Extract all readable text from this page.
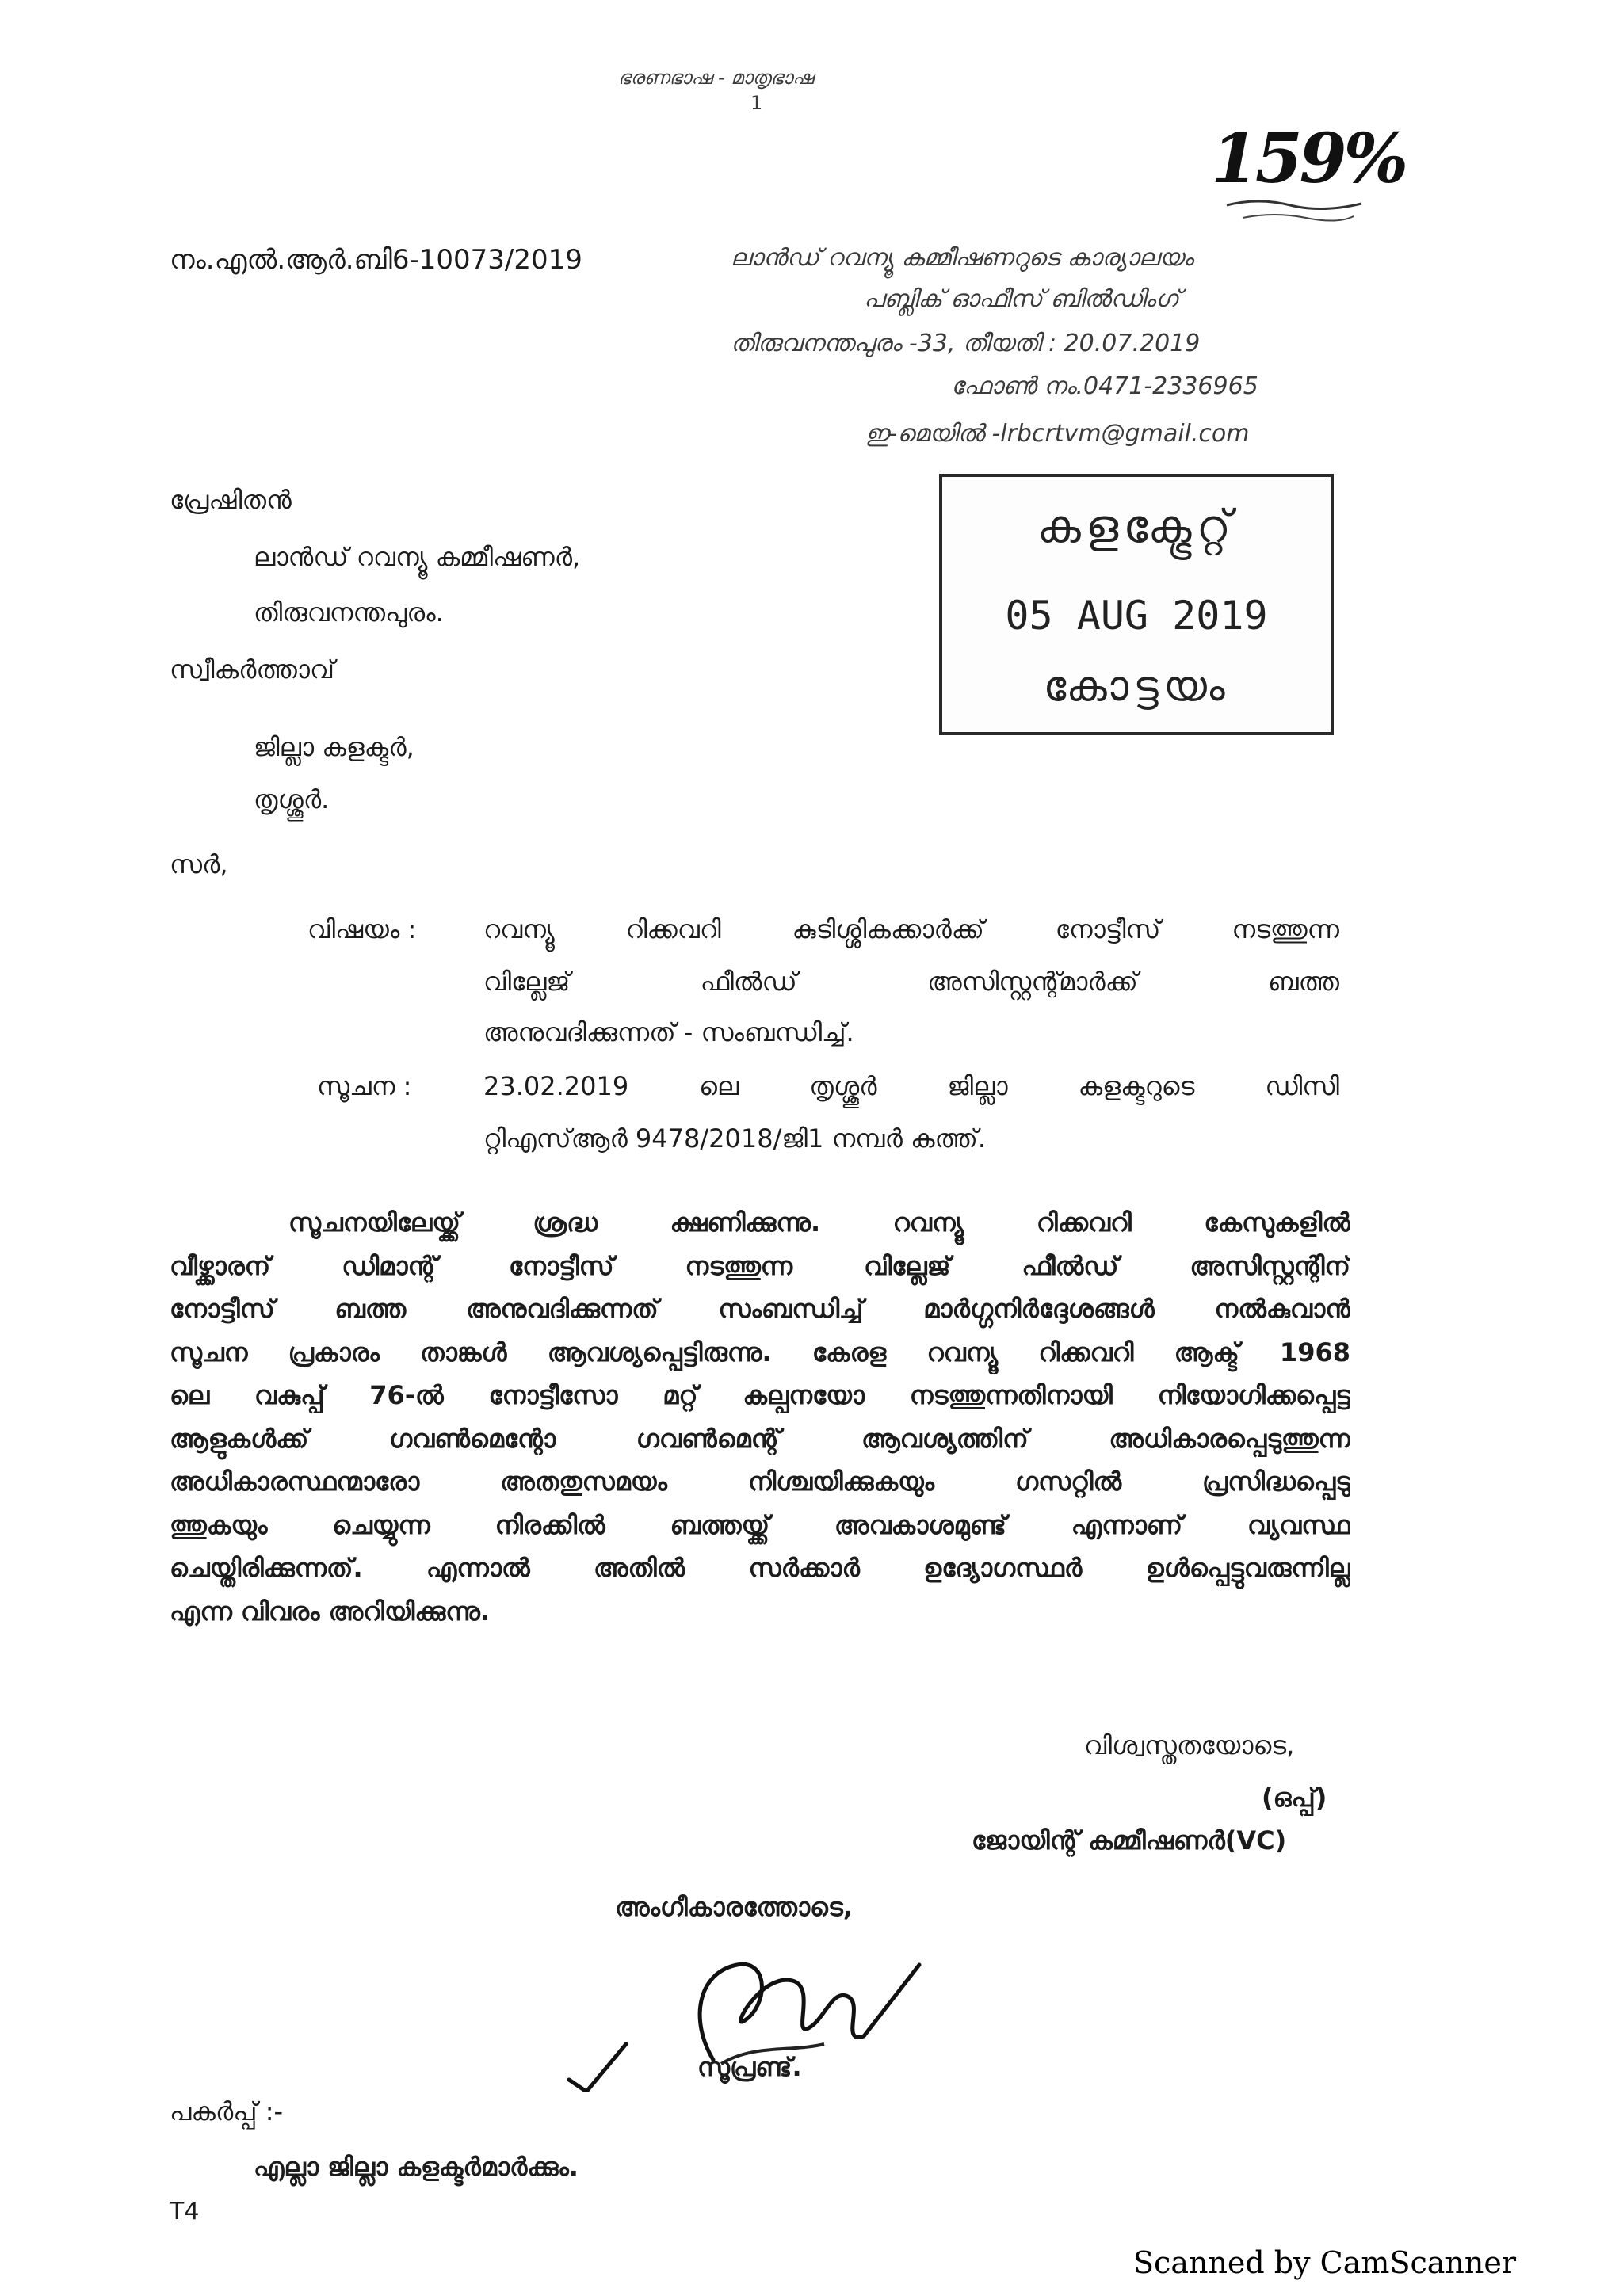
ഭരണഭാഷ - മാതൃഭാഷ
1
159%
നം.എൽ.ആർ.ബി6-10073/2019	ലാൻഡ് റവന്യൂ കമ്മീഷണറുടെ കാര്യാലയം
പബ്ലിക് ഓഫീസ് ബിൽഡിംഗ്
തിരുവനന്തപുരം -33, തീയതി : 20.07.2019
ഫോൺ നം.0471-2336965
ഇ-മെയിൽ -lrbcrtvm@gmail.com
പ്രേഷിതൻ
ലാൻഡ് റവന്യൂ കമ്മീഷണർ,
തിരുവനന്തപുരം.
കളക്ട്രേറ്റ്
05 AUG 2019
കോട്ടയം
സ്വീകർത്താവ്
ജില്ലാ കളക്ടർ,
തൃശ്ശൂർ.
സർ,
വിഷയം :	റവന്യൂ റിക്കവറി കുടിശ്ശികക്കാർക്ക് നോട്ടീസ് നടത്തുന്ന
വില്ലേജ് ഫീൽഡ് അസിസ്റ്റന്റ്മാർക്ക് ബത്ത
അനുവദിക്കുന്നത് - സംബന്ധിച്ച്.
സൂചന :	23.02.2019 ലെ തൃശ്ശൂർ ജില്ലാ കളക്ടറുടെ ഡിസി
റ്റിഎസ്ആർ 9478/2018/ജി1 നമ്പർ കത്ത്.
സൂചനയിലേയ്ക്ക് ശ്രദ്ധ ക്ഷണിക്കുന്നു. റവന്യൂ റിക്കവറി കേസുകളിൽ
വീഴ്ക്കാരന് ഡിമാന്റ് നോട്ടീസ് നടത്തുന്ന വില്ലേജ് ഫീൽഡ് അസിസ്റ്റന്റിന്
നോട്ടീസ് ബത്ത അനുവദിക്കുന്നത് സംബന്ധിച്ച് മാർഗ്ഗനിർദ്ദേശങ്ങൾ നൽകുവാൻ
സൂചന പ്രകാരം താങ്കൾ ആവശ്യപ്പെട്ടിരുന്നു. കേരള റവന്യൂ റിക്കവറി ആക്ട് 1968
ലെ വകുപ്പ് 76-ൽ നോട്ടീസോ മറ്റ് കല്പനയോ നടത്തുന്നതിനായി നിയോഗിക്കപ്പെട്ട
ആളുകൾക്ക് ഗവൺമെന്റോ ഗവൺമെന്റ് ആവശ്യത്തിന് അധികാരപ്പെടുത്തുന്ന
അധികാരസ്ഥന്മാരോ അതതുസമയം നിശ്ചയിക്കുകയും ഗസറ്റിൽ പ്രസിദ്ധപ്പെടു
ത്തുകയും ചെയ്യുന്ന നിരക്കിൽ ബത്തയ്ക്ക് അവകാശമുണ്ട് എന്നാണ് വ്യവസ്ഥ
ചെയ്തിരിക്കുന്നത്. എന്നാൽ അതിൽ സർക്കാർ ഉദ്യോഗസ്ഥർ ഉൾപ്പെട്ടുവരുന്നില്ല
എന്ന വിവരം അറിയിക്കുന്നു.
വിശ്വസ്തതയോടെ,
(ഒപ്പ്)
ജോയിന്റ് കമ്മീഷണർ(VC)
അംഗീകാരത്തോടെ,
സൂപ്രണ്ട്.
പകർപ്പ് :-
എല്ലാ ജില്ലാ കളക്ടർമാർക്കും.
T4
Scanned by CamScanner
